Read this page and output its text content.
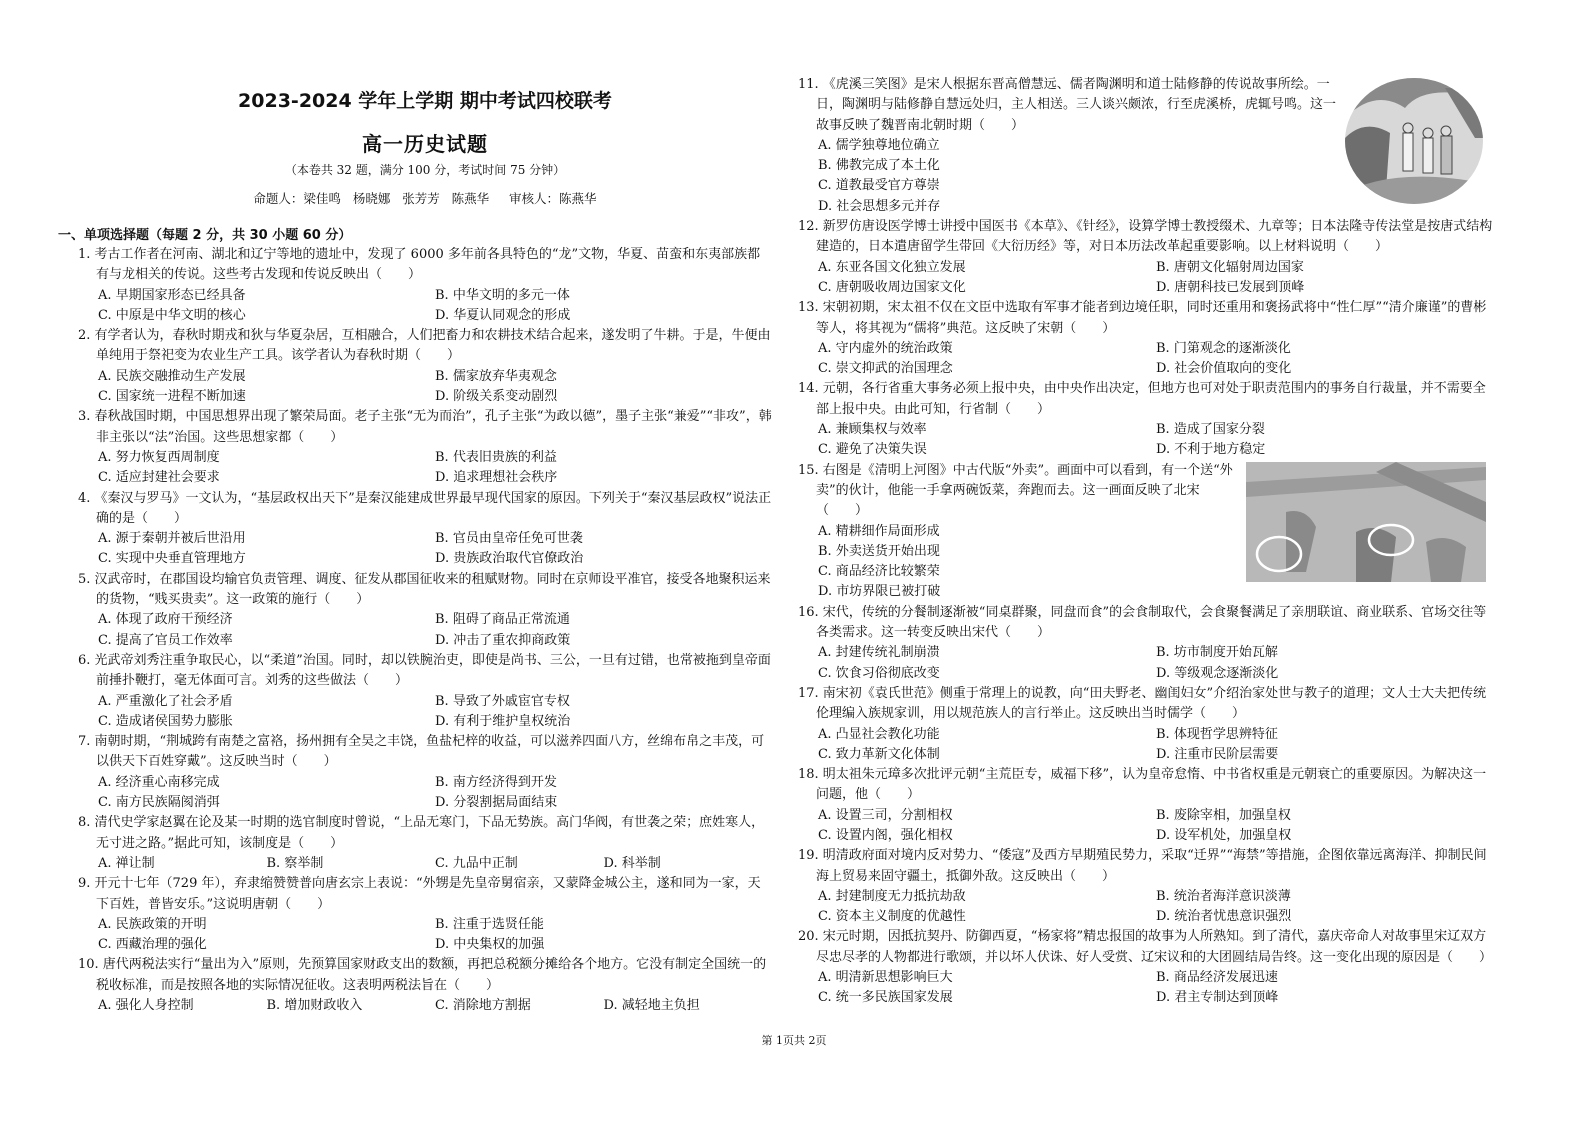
2023-2024 学年上学期 期中考试四校联考
高一历史试题
（本卷共 32 题，满分 100 分，考试时间 75 分钟）
命题人：梁佳鸣   杨晓娜   张芳芳   陈燕华     审核人：陈燕华
一、单项选择题（每题 2 分，共 30 小题 60 分）
1. 考古工作者在河南、湖北和辽宁等地的遗址中，发现了 6000 多年前各具特色的“龙”文物，华夏、苗蛮和东夷部族都有与龙相关的传说。这些考古发现和传说反映出（　　）
A. 早期国家形态已经具备	B. 中华文明的多元一体
C. 中原是中华文明的核心	D. 华夏认同观念的形成
2. 有学者认为，春秋时期戎和狄与华夏杂居，互相融合，人们把畜力和农耕技术结合起来，遂发明了牛耕。于是，牛便由单纯用于祭祀变为农业生产工具。该学者认为春秋时期（　　）
A. 民族交融推动生产发展	B. 儒家放弃华夷观念
C. 国家统一进程不断加速	D. 阶级关系变动剧烈
3. 春秋战国时期，中国思想界出现了繁荣局面。老子主张“无为而治”，孔子主张“为政以德”，墨子主张“兼爱”“非攻”，韩非主张以“法”治国。这些思想家都（　　）
A. 努力恢复西周制度	B. 代表旧贵族的利益
C. 适应封建社会要求	D. 追求理想社会秩序
4. 《秦汉与罗马》一文认为，“基层政权出天下”是秦汉能建成世界最早现代国家的原因。下列关于“秦汉基层政权”说法正确的是（　　）
A. 源于秦朝并被后世沿用	B. 官员由皇帝任免可世袭
C. 实现中央垂直管理地方	D. 贵族政治取代官僚政治
5. 汉武帝时，在郡国设均输官负责管理、调度、征发从郡国征收来的租赋财物。同时在京师设平准官，接受各地聚积运来的货物，“贱买贵卖”。这一政策的施行（　　）
A. 体现了政府干预经济	B. 阻碍了商品正常流通
C. 提高了官员工作效率	D. 冲击了重农抑商政策
6. 光武帝刘秀注重争取民心，以“柔道”治国。同时，却以铁腕治吏，即使是尚书、三公，一旦有过错，也常被拖到皇帝面前捶扑鞭打，毫无体面可言。刘秀的这些做法（　　）
A. 严重激化了社会矛盾	B. 导致了外戚宦官专权
C. 造成诸侯国势力膨胀	D. 有利于维护皇权统治
7. 南朝时期，“荆城跨有南楚之富袼，扬州拥有全吴之丰饶，鱼盐杞梓的收益，可以滋养四面八方，丝绵布帛之丰茂，可以供天下百姓穿戴”。这反映当时（　　）
A. 经济重心南移完成	B. 南方经济得到开发
C. 南方民族隔阂消弭	D. 分裂割据局面结束
8. 清代史学家赵翼在论及某一时期的选官制度时曾说，“上品无寒门，下品无势族。高门华阀，有世袭之荣；庶姓寒人，无寸进之路。”据此可知，该制度是（　　）
A. 禅让制	B. 察举制	C. 九品中正制	D. 科举制
9. 开元十七年（729 年），弃隶缩赞赞普向唐玄宗上表说：“外甥是先皇帝舅宿亲，又蒙降金城公主，遂和同为一家，天下百姓，普皆安乐。”这说明唐朝（　　）
A. 民族政策的开明	B. 注重于选贤任能
C. 西藏治理的强化	D. 中央集权的加强
10. 唐代两税法实行“量出为入”原则，先预算国家财政支出的数额，再把总税额分摊给各个地方。它没有制定全国统一的税收标准，而是按照各地的实际情况征收。这表明两税法旨在（　　）
A. 强化人身控制	B. 增加财政收入	C. 消除地方割据	D. 减轻地主负担
11. 《虎溪三笑图》是宋人根据东晋高僧慧远、儒者陶渊明和道士陆修静的传说故事所绘。一日，陶渊明与陆修静自慧远处归，主人相送。三人谈兴颇浓，行至虎溪桥，虎辄号鸣。这一故事反映了魏晋南北朝时期（　　）
A. 儒学独尊地位确立
B. 佛教完成了本土化
C. 道教最受官方尊崇
D. 社会思想多元并存
12. 新罗仿唐设医学博士讲授中国医书《本草》、《针经》，设算学博士教授缀术、九章等；日本法隆寺传法堂是按唐式结构建造的，日本遣唐留学生带回《大衍历经》等，对日本历法改革起重要影响。以上材料说明（　　）
A. 东亚各国文化独立发展	B. 唐朝文化辐射周边国家
C. 唐朝吸收周边国家文化	D. 唐朝科技已发展到顶峰
13. 宋朝初期，宋太祖不仅在文臣中选取有军事才能者到边境任职，同时还重用和褒扬武将中“性仁厚”“清介廉谨”的曹彬等人，将其视为“儒将”典范。这反映了宋朝（　　）
A. 守内虚外的统治政策	B. 门第观念的逐渐淡化
C. 崇文抑武的治国理念	D. 社会价值取向的变化
14. 元朝，各行省重大事务必须上报中央，由中央作出决定，但地方也可对处于职责范围内的事务自行裁量，并不需要全部上报中央。由此可知，行省制（　　）
A. 兼顾集权与效率	B. 造成了国家分裂
C. 避免了决策失误	D. 不利于地方稳定
15. 右图是《清明上河图》中古代版“外卖”。画面中可以看到，有一个送“外卖”的伙计，他能一手拿两碗饭菜，奔跑而去。这一画面反映了北宋（　　）
A. 精耕细作局面形成
B. 外卖送货开始出现
C. 商品经济比较繁荣
D. 市坊界限已被打破
16. 宋代，传统的分餐制逐渐被“同桌群聚，同盘而食”的会食制取代，会食聚餐满足了亲朋联谊、商业联系、官场交往等各类需求。这一转变反映出宋代（　　）
A. 封建传统礼制崩溃	B. 坊市制度开始瓦解
C. 饮食习俗彻底改变	D. 等级观念逐渐淡化
17. 南宋初《袁氏世范》侧重于常理上的说教，向“田夫野老、幽闺妇女”介绍治家处世与教子的道理；文人士大夫把传统伦理编入族规家训，用以规范族人的言行举止。这反映出当时儒学（　　）
A. 凸显社会教化功能	B. 体现哲学思辨特征
C. 致力革新文化体制	D. 注重市民阶层需要
18. 明太祖朱元璋多次批评元朝“主荒臣专，威福下移”，认为皇帝怠惰、中书省权重是元朝衰亡的重要原因。为解决这一问题，他（　　）
A. 设置三司，分割相权	B. 废除宰相，加强皇权
C. 设置内阁，强化相权	D. 设军机处，加强皇权
19. 明清政府面对境内反对势力、“倭寇”及西方早期殖民势力，采取“迁界”“海禁”等措施，企图依靠远离海洋、抑制民间海上贸易来固守疆土，抵御外敌。这反映出（　　）
A. 封建制度无力抵抗劫敌	B. 统治者海洋意识淡薄
C. 资本主义制度的优越性	D. 统治者忧患意识强烈
20. 宋元时期，因抵抗契丹、防御西夏，“杨家将”精忠报国的故事为人所熟知。到了清代，嘉庆帝命人对故事里宋辽双方尽忠尽孝的人物都进行歌颂，并以坏人伏诛、好人受赏、辽宋议和的大团圆结局告终。这一变化出现的原因是（　　）
A. 明清新思想影响巨大	B. 商品经济发展迅速
C. 统一多民族国家发展	D. 君主专制达到顶峰
第 1页共 2页
